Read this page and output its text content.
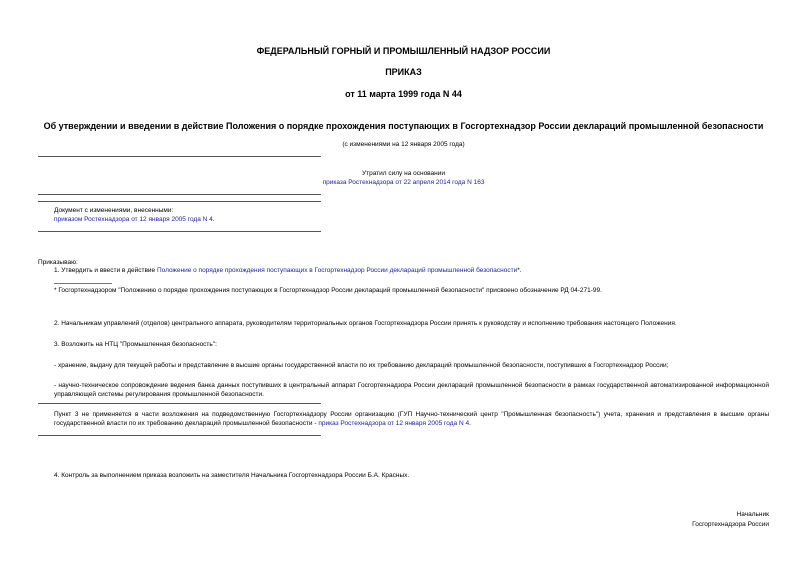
ФЕДЕРАЛЬНЫЙ ГОРНЫЙ И ПРОМЫШЛЕННЫЙ НАДЗОР РОССИИ
ПРИКАЗ
от 11 марта 1999 года N 44
Об утверждении и введении в действие Положения о порядке прохождения поступающих в Госгортехнадзор России деклараций промышленной безопасности
(с изменениями на 12 января 2005 года)
Утратил силу на основании
приказа Ростехнадзора от 22 апреля 2014 года N 163
Документ с изменениями, внесенными:
приказом Ростехнадзора от 12 января 2005 года N 4.
Приказываю:
1. Утвердить и ввести в действие Положение о порядке прохождения поступающих в Госгортехнадзор России деклараций промышленной безопасности*.
* Госгортехнадзором "Положению о порядке прохождения поступающих в Госгортехнадзор России деклараций промышленной безопасности" присвоено обозначение РД 04-271-99.
2. Начальникам управлений (отделов) центрального аппарата, руководителям территориальных органов Госгортехнадзора России принять к руководству и исполнению требования настоящего Положения.
3. Возложить на НТЦ "Промышленная безопасность":
- хранение, выдачу для текущей работы и представление в высшие органы государственной власти по их требованию деклараций промышленной безопасности, поступивших в Госгортехнадзор России;
- научно-техническое сопровождение ведения банка данных поступивших в центральный аппарат Госгортехнадзора России деклараций промышленной безопасности в рамках государственной автоматизированной информационной управляющей системы регулирования промышленной безопасности.
Пункт 3 не применяется в части возложения на подведомственную Госгортехнадзору России организацию (ГУП Научно-технический центр "Промышленная безопасность") учета, хранения и представления в высшие органы государственной власти по их требованию деклараций промышленной безопасности - приказ Ростехнадзора от 12 января 2005 года N 4.
4. Контроль за выполнением приказа возложить на заместителя Начальника Госгортехнадзора России Б.А. Красных.
Начальник
Госгортехнадзора России
